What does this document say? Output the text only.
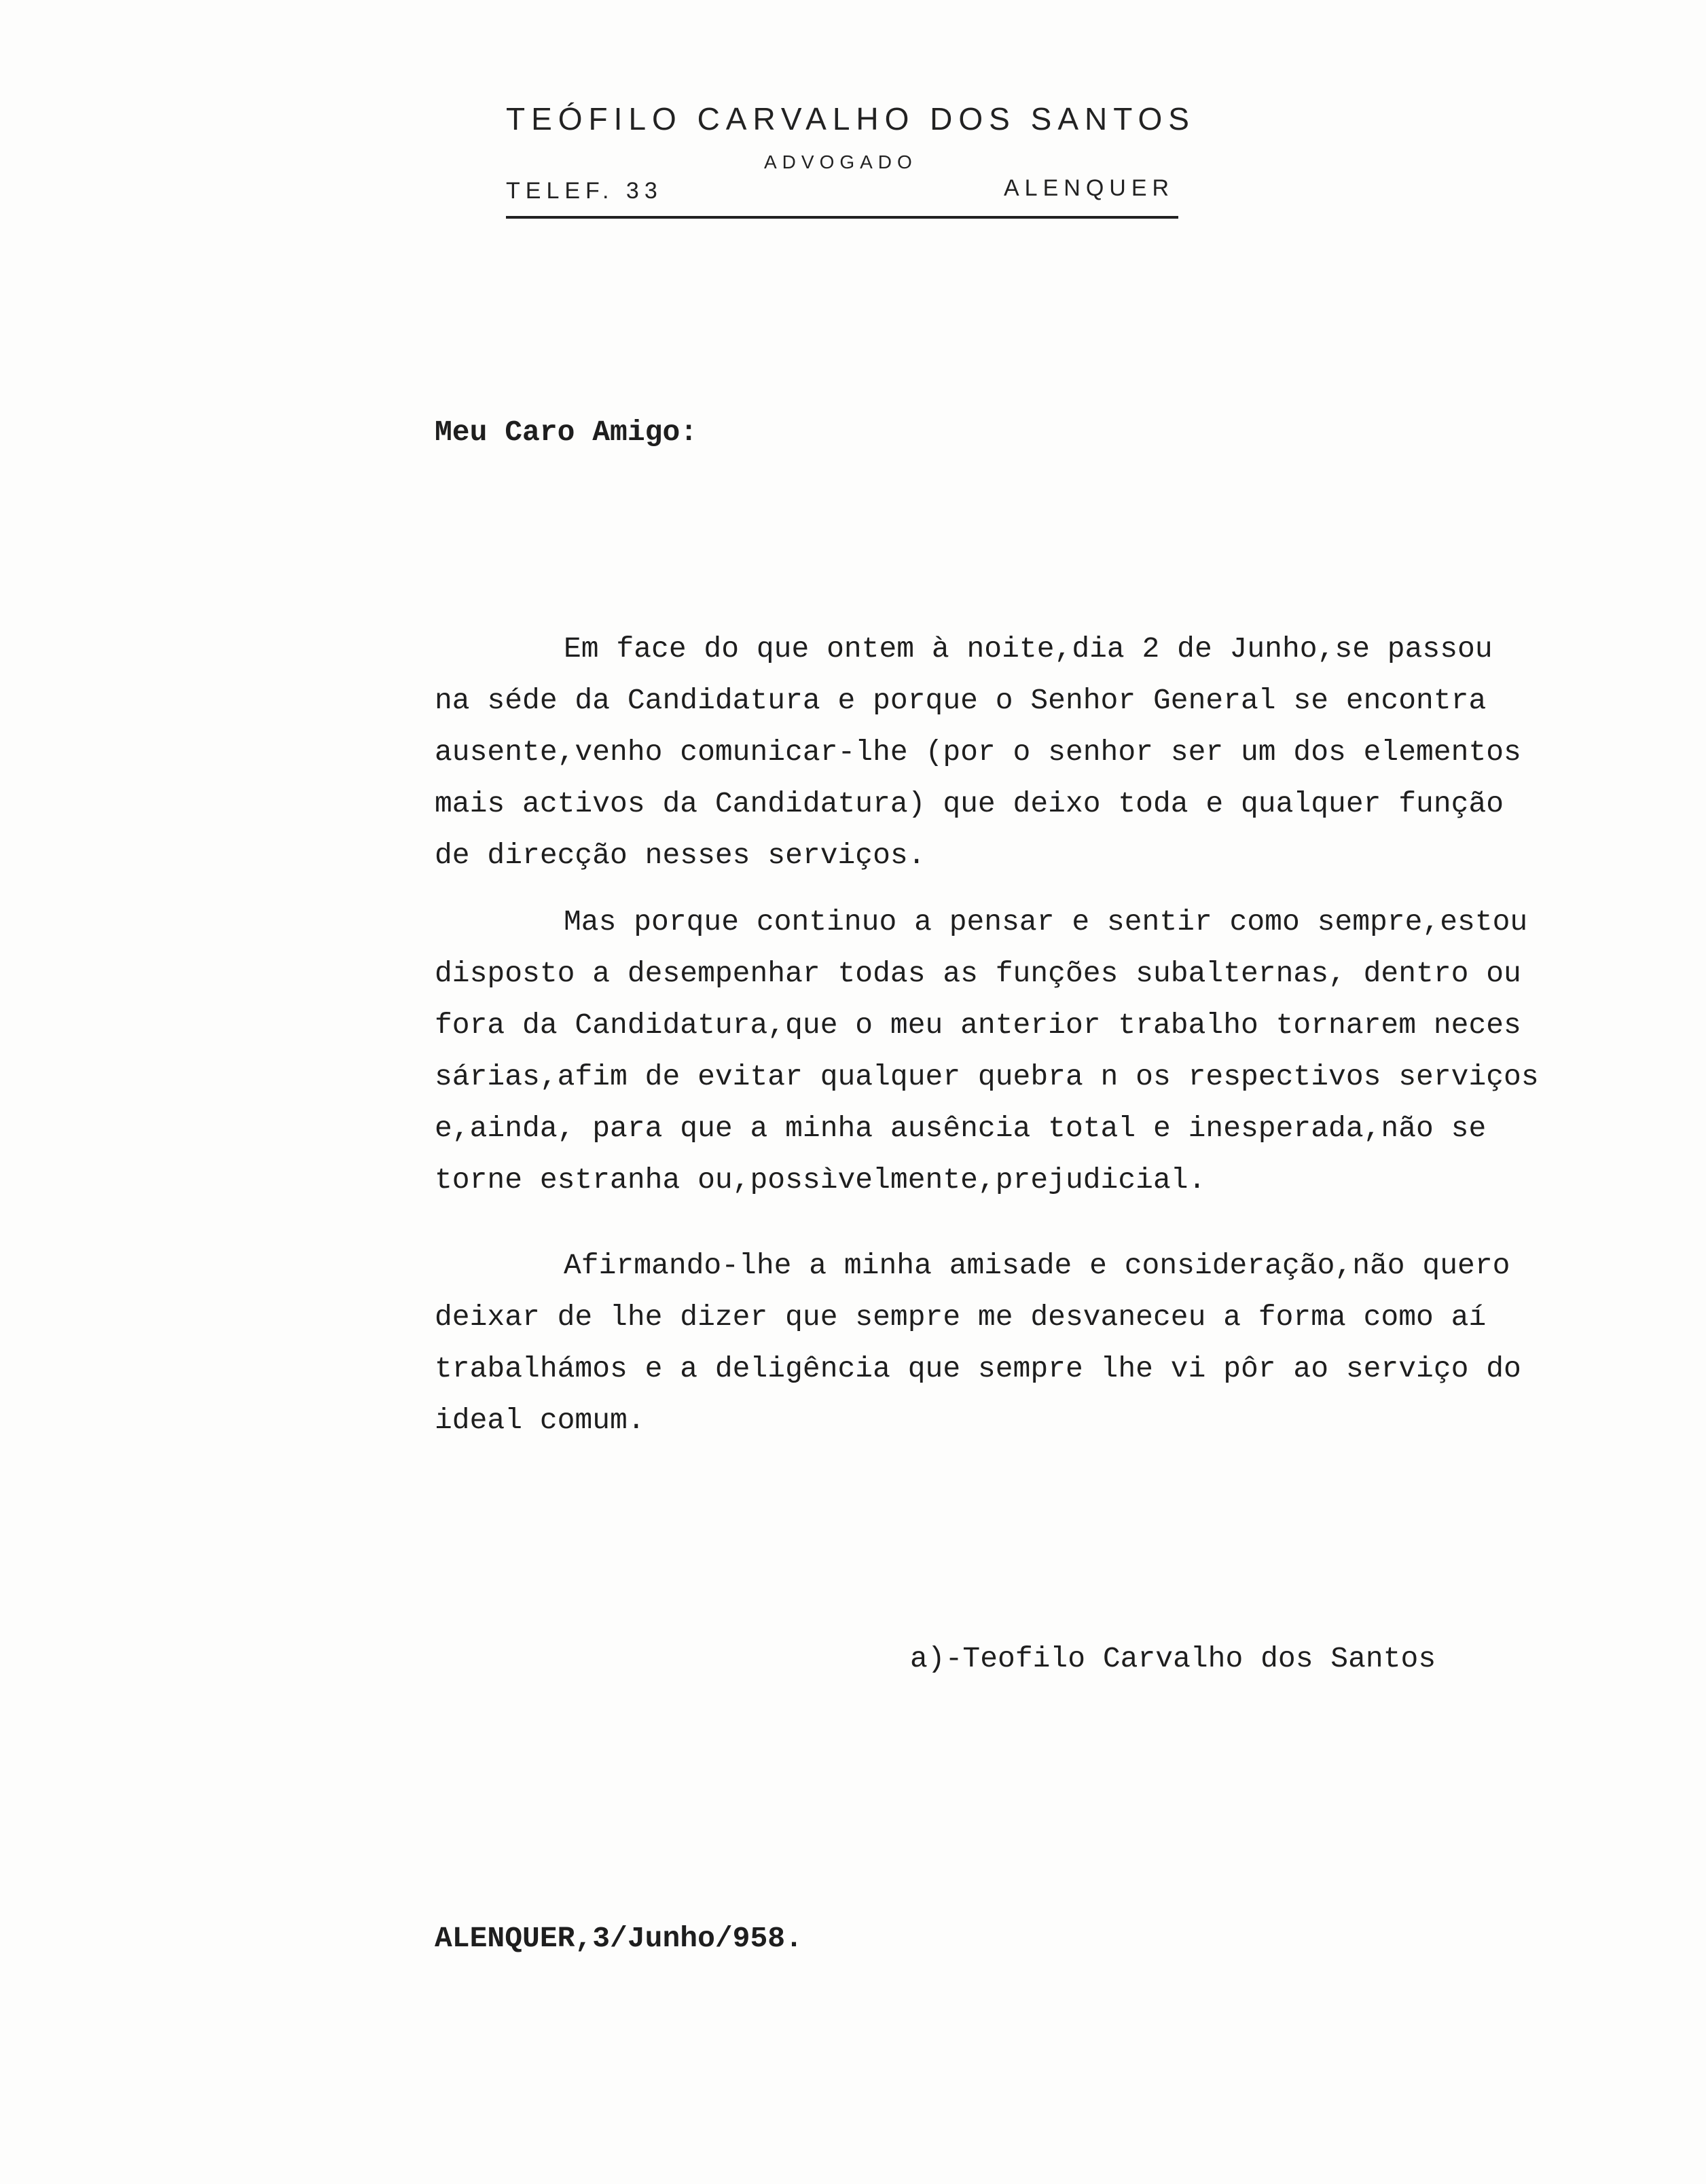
TEÓFILO CARVALHO DOS SANTOS
ADVOGADO
TELEF. 33	ALENQUER
Meu Caro Amigo:
Em face do que ontem à noite,dia 2 de Junho,se passou
na séde da Candidatura e porque o Senhor General se encontra
ausente,venho comunicar-lhe (por o senhor ser um dos elementos
mais activos da Candidatura) que deixo toda e qualquer função
de direcção nesses serviços.
Mas porque continuo a pensar e sentir como sempre,estou
disposto a desempenhar todas as funções subalternas, dentro ou
fora da Candidatura,que o meu anterior trabalho tornarem neces
sárias,afim de evitar qualquer quebra n os respectivos serviços
e,ainda, para que a minha ausência total e inesperada,não se
torne estranha ou,possìvelmente,prejudicial.
Afirmando-lhe a minha amisade e consideração,não quero
deixar de lhe dizer que sempre me desvaneceu a forma como aí
trabalhámos e a deligência que sempre lhe vi pôr ao serviço do
ideal comum.
a)-Teofilo Carvalho dos Santos
ALENQUER,3/Junho/958.
